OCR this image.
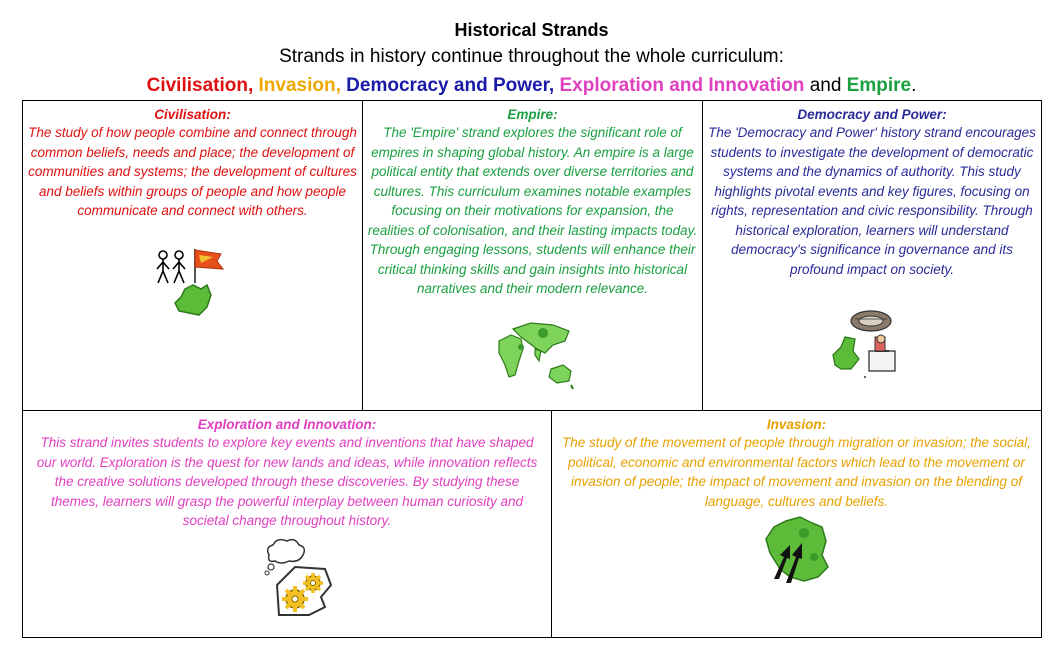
Historical Strands
Strands in history continue throughout the whole curriculum:
Civilisation, Invasion, Democracy and Power, Exploration and Innovation and Empire.
Civilisation:
The study of how people combine and connect through common beliefs, needs and place; the development of communities and systems; the development of cultures and beliefs within groups of people and how people communicate and connect with others.
Empire:
The 'Empire' strand explores the significant role of empires in shaping global history. An empire is a large political entity that extends over diverse territories and cultures. This curriculum examines notable examples focusing on their motivations for expansion, the realities of colonisation, and their lasting impacts today. Through engaging lessons, students will enhance their critical thinking skills and gain insights into historical narratives and their modern relevance.
Democracy and Power:
The 'Democracy and Power' history strand encourages students to investigate the development of democratic systems and the dynamics of authority. This study highlights pivotal events and key figures, focusing on rights, representation and civic responsibility. Through historical exploration, learners will understand democracy's significance in governance and its profound impact on society.
Exploration and Innovation:
This strand invites students to explore key events and inventions that have shaped our world. Exploration is the quest for new lands and ideas, while innovation reflects the creative solutions developed through these discoveries. By studying these themes, learners will grasp the powerful interplay between human curiosity and societal change throughout history.
Invasion:
The study of the movement of people through migration or invasion; the social, political, economic and environmental factors which lead to the movement or invasion of people; the impact of movement and invasion on the blending of language, cultures and beliefs.
